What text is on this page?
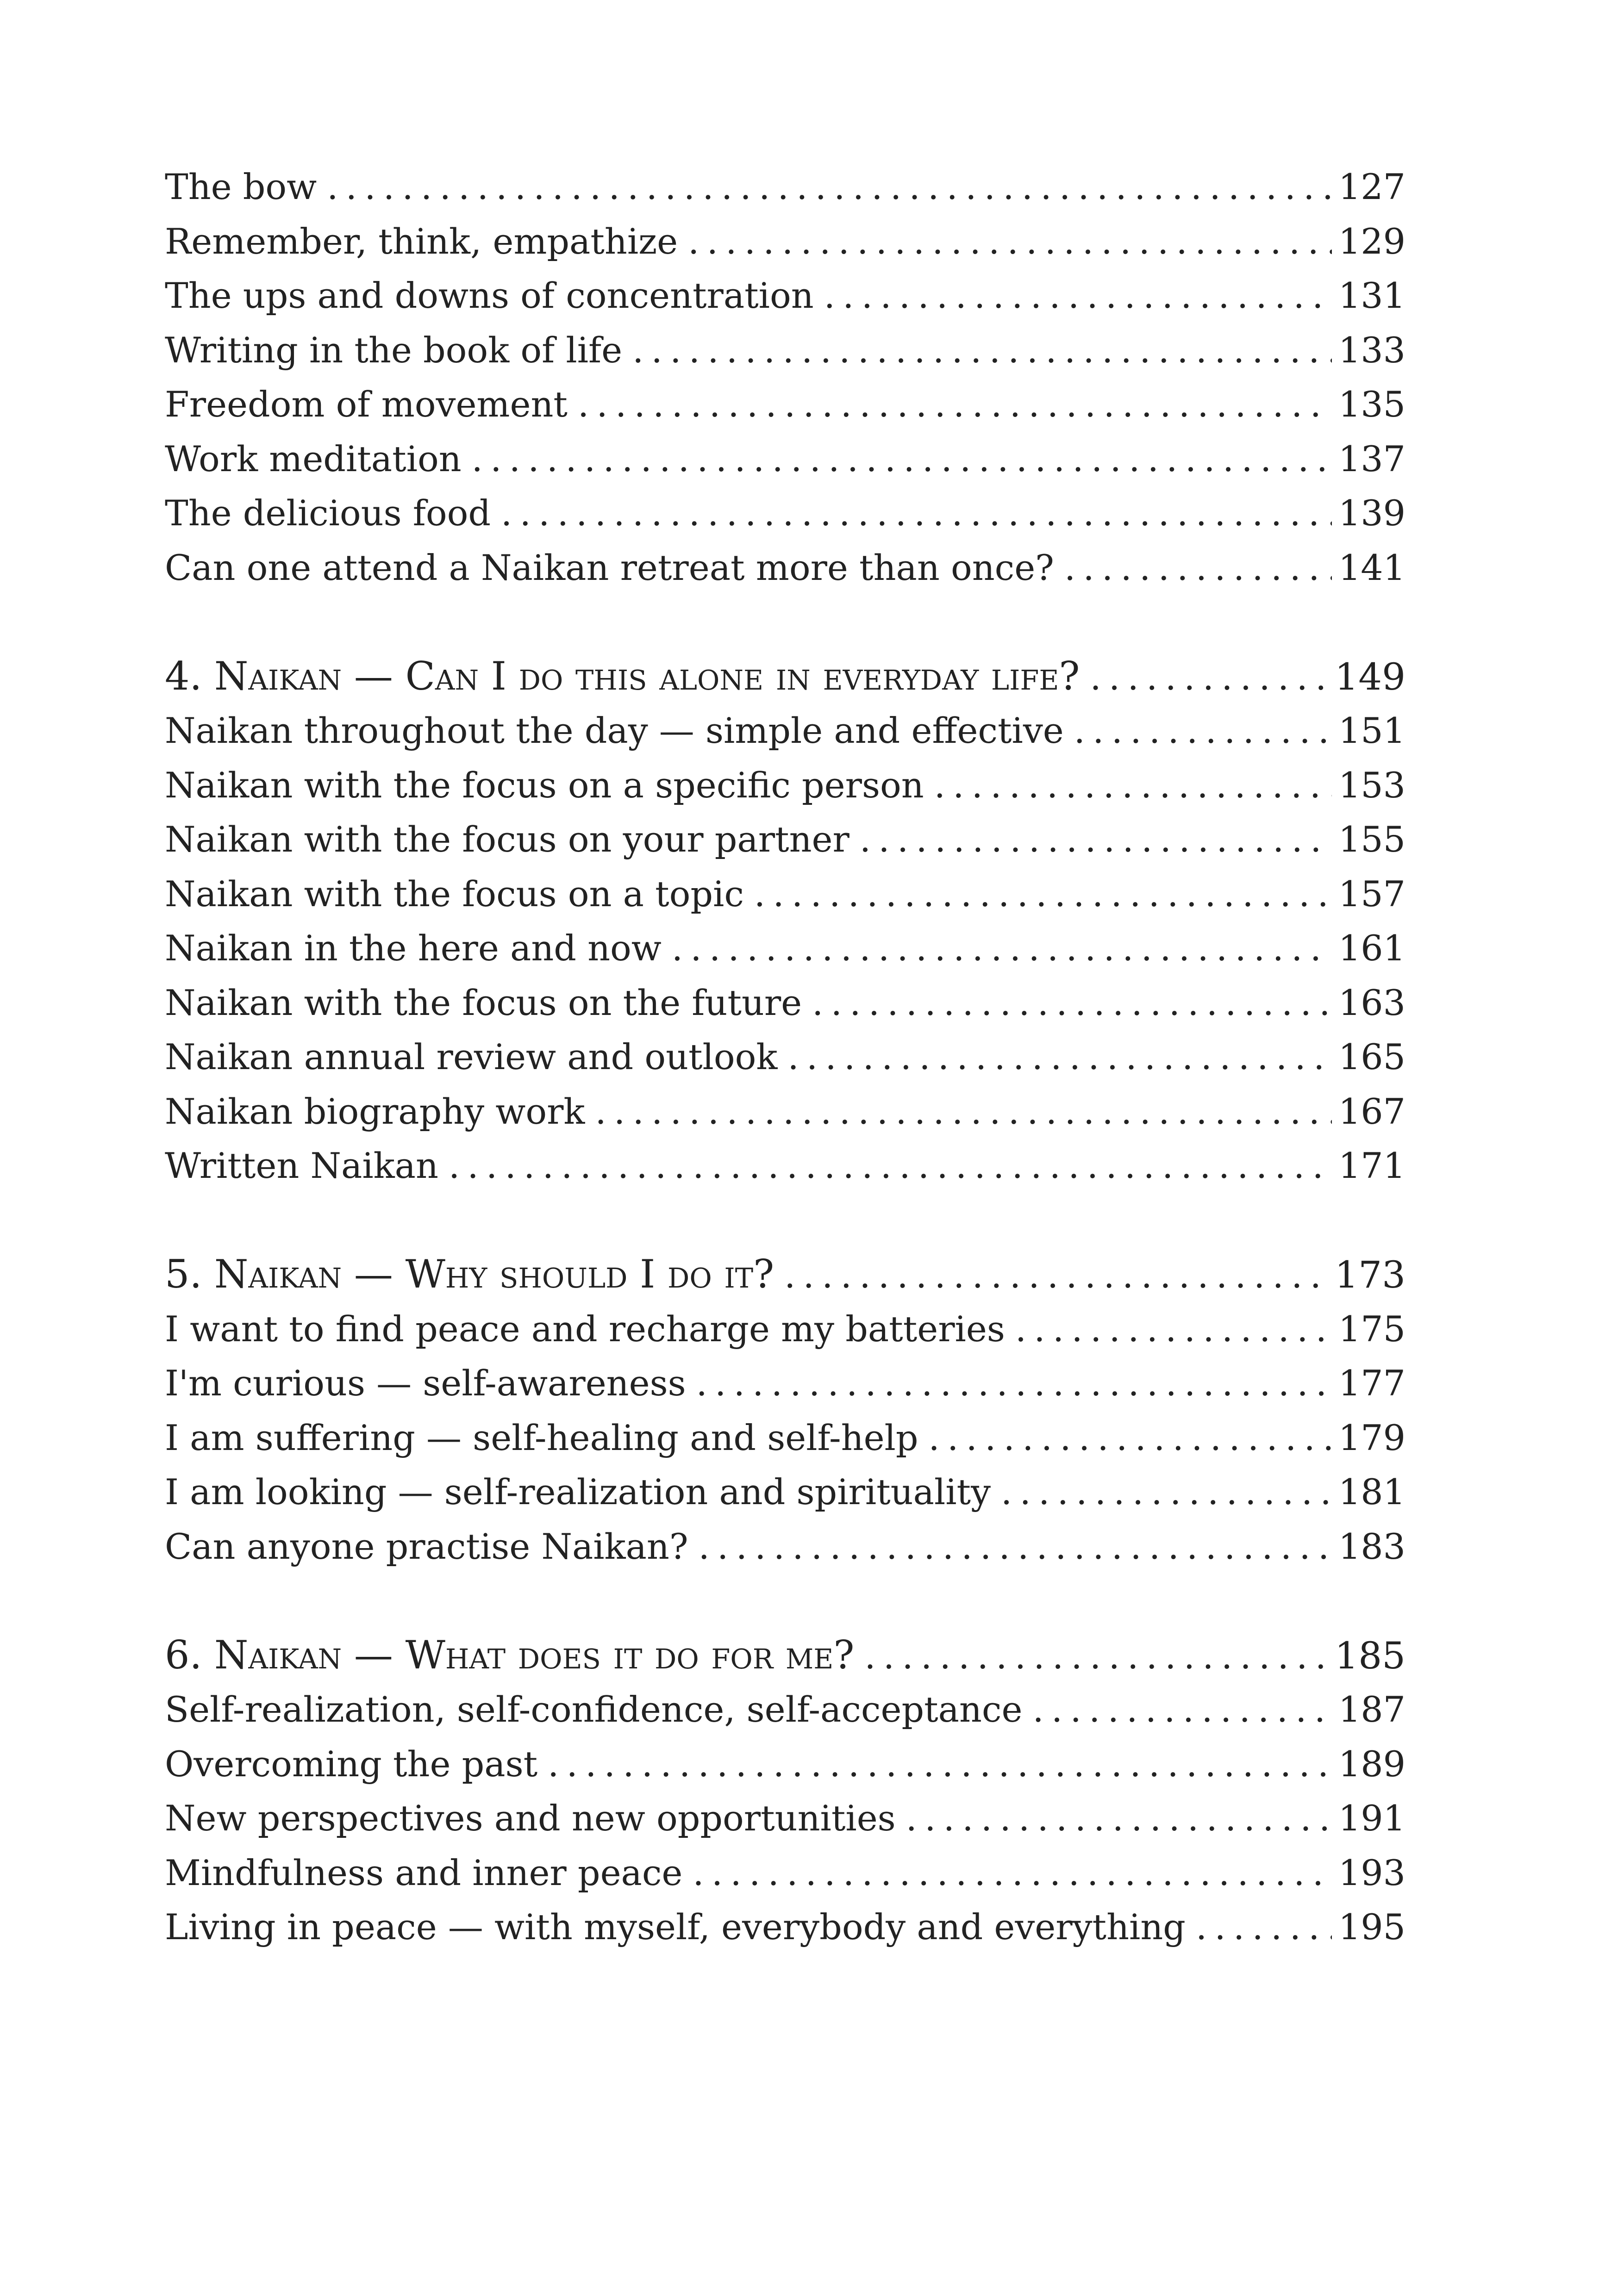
The bow .....	127
Remember, think, empathize .....	129
The ups and downs of concentration .....	131
Writing in the book of life .....	133
Freedom of movement .....	135
Work meditation .....	137
The delicious food .....	139
Can one attend a Naikan retreat more than once? .....	141
4. Naikan — Can I do this alone in everyday life? .....	149
Naikan throughout the day — simple and effective .....	151
Naikan with the focus on a specific person .....	153
Naikan with the focus on your partner .....	155
Naikan with the focus on a topic .....	157
Naikan in the here and now .....	161
Naikan with the focus on the future .....	163
Naikan annual review and outlook .....	165
Naikan biography work .....	167
Written Naikan .....	171
5. Naikan — Why should I do it? .....	173
I want to find peace and recharge my batteries .....	175
I'm curious — self-awareness .....	177
I am suffering — self-healing and self-help .....	179
I am looking — self-realization and spirituality .....	181
Can anyone practise Naikan? .....	183
6. Naikan — What does it do for me? .....	185
Self-realization, self-confidence, self-acceptance .....	187
Overcoming the past .....	189
New perspectives and new opportunities .....	191
Mindfulness and inner peace .....	193
Living in peace — with myself, everybody and everything .....	195
